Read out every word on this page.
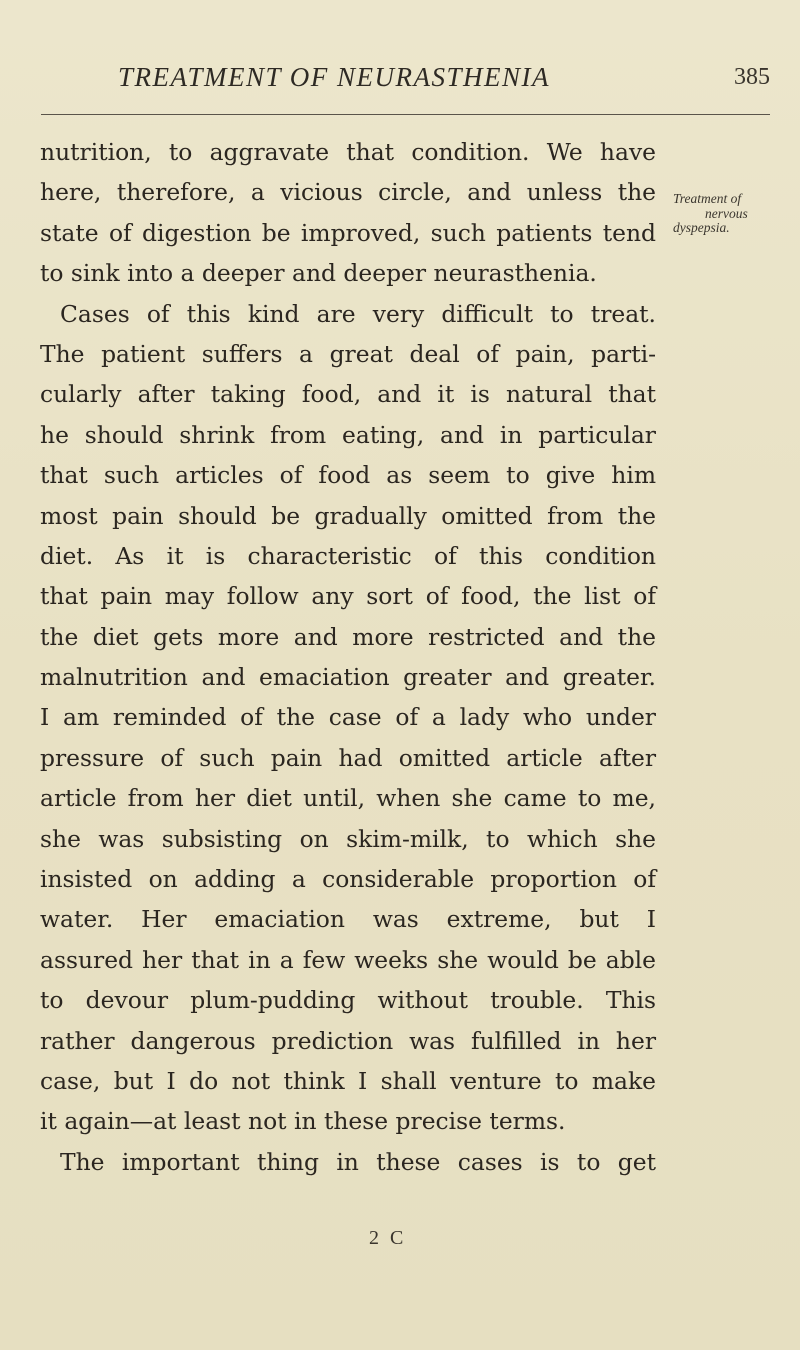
TREATMENT OF NEURASTHENIA	385
nutrition, to aggravate that condition. We have
here, therefore, a vicious circle, and unless the
state of digestion be improved, such patients tend
to sink into a deeper and deeper neurasthenia.
Cases of this kind are very difficult to treat.
The patient suffers a great deal of pain, parti-
cularly after taking food, and it is natural that
he should shrink from eating, and in particular
that such articles of food as seem to give him
most pain should be gradually omitted from the
diet. As it is characteristic of this condition
that pain may follow any sort of food, the list of
the diet gets more and more restricted and the
malnutrition and emaciation greater and greater.
I am reminded of the case of a lady who under
pressure of such pain had omitted article after
article from her diet until, when she came to me,
she was subsisting on skim-milk, to which she
insisted on adding a considerable proportion of
water. Her emaciation was extreme, but I
assured her that in a few weeks she would be able
to devour plum-pudding without trouble. This
rather dangerous prediction was fulfilled in her
case, but I do not think I shall venture to make
it again—at least not in these precise terms.
The important thing in these cases is to get
Treatment of
nervous
dyspepsia.
2 C
